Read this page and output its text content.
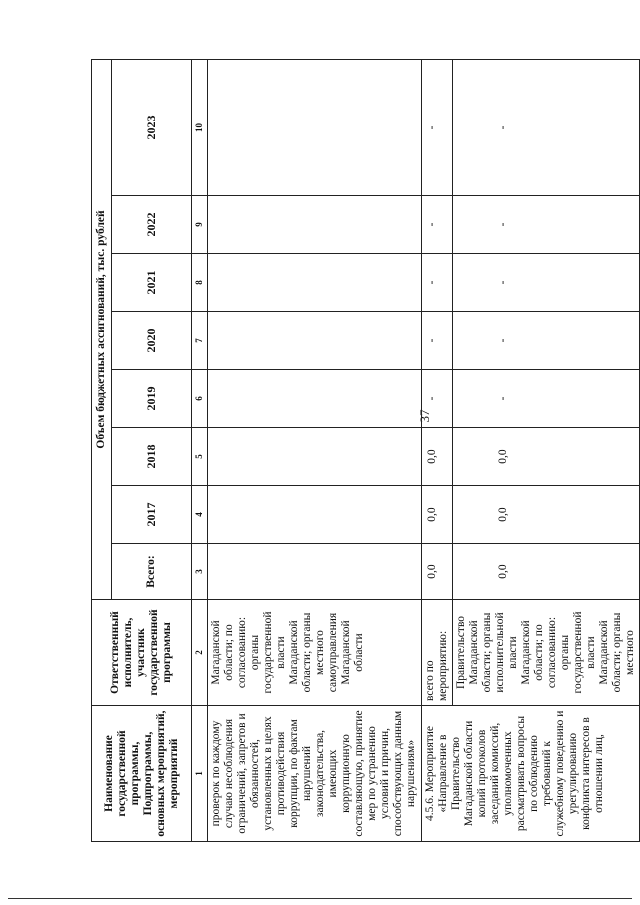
37
Наименование государственной программы, Подпрограммы, основных мероприятий, мероприятий	Ответственный исполнитель, участник государственной программы	Объем бюджетных ассигнований, тыс. рублей							
		Всего:	2017	2018	2019	2020	2021	2022	2023
1	2	3	4	5	6	7	8	9	10
проверок по каждому случаю несоблюдения ограничений, запретов и обязанностей, установленных в целях противодействия коррупции, по фактам нарушений законодательства, имеющих коррупционную составляющую, принятие мер по устранению условий и причин, способствующих данным нарушениям»	Магаданской области; по согласованию: органы государственной власти Магаданской области; органы местного самоуправления Магаданской области								
4.5.6. Мероприятие «Направление в Правительство Магаданской области копий протоколов заседаний комиссий, уполномоченных рассматривать вопросы по соблюдению требований к служебному поведению и урегулированию конфликта интересов в отношении лиц,	всего по мероприятию:	0,0	0,0	0,0	-	-	-	-	-
	Правительство Магаданской области; органы исполнительной власти Магаданской области; по согласованию: органы государственной власти Магаданской области; органы местного	0,0	0,0	0,0	-	-	-	-	-
